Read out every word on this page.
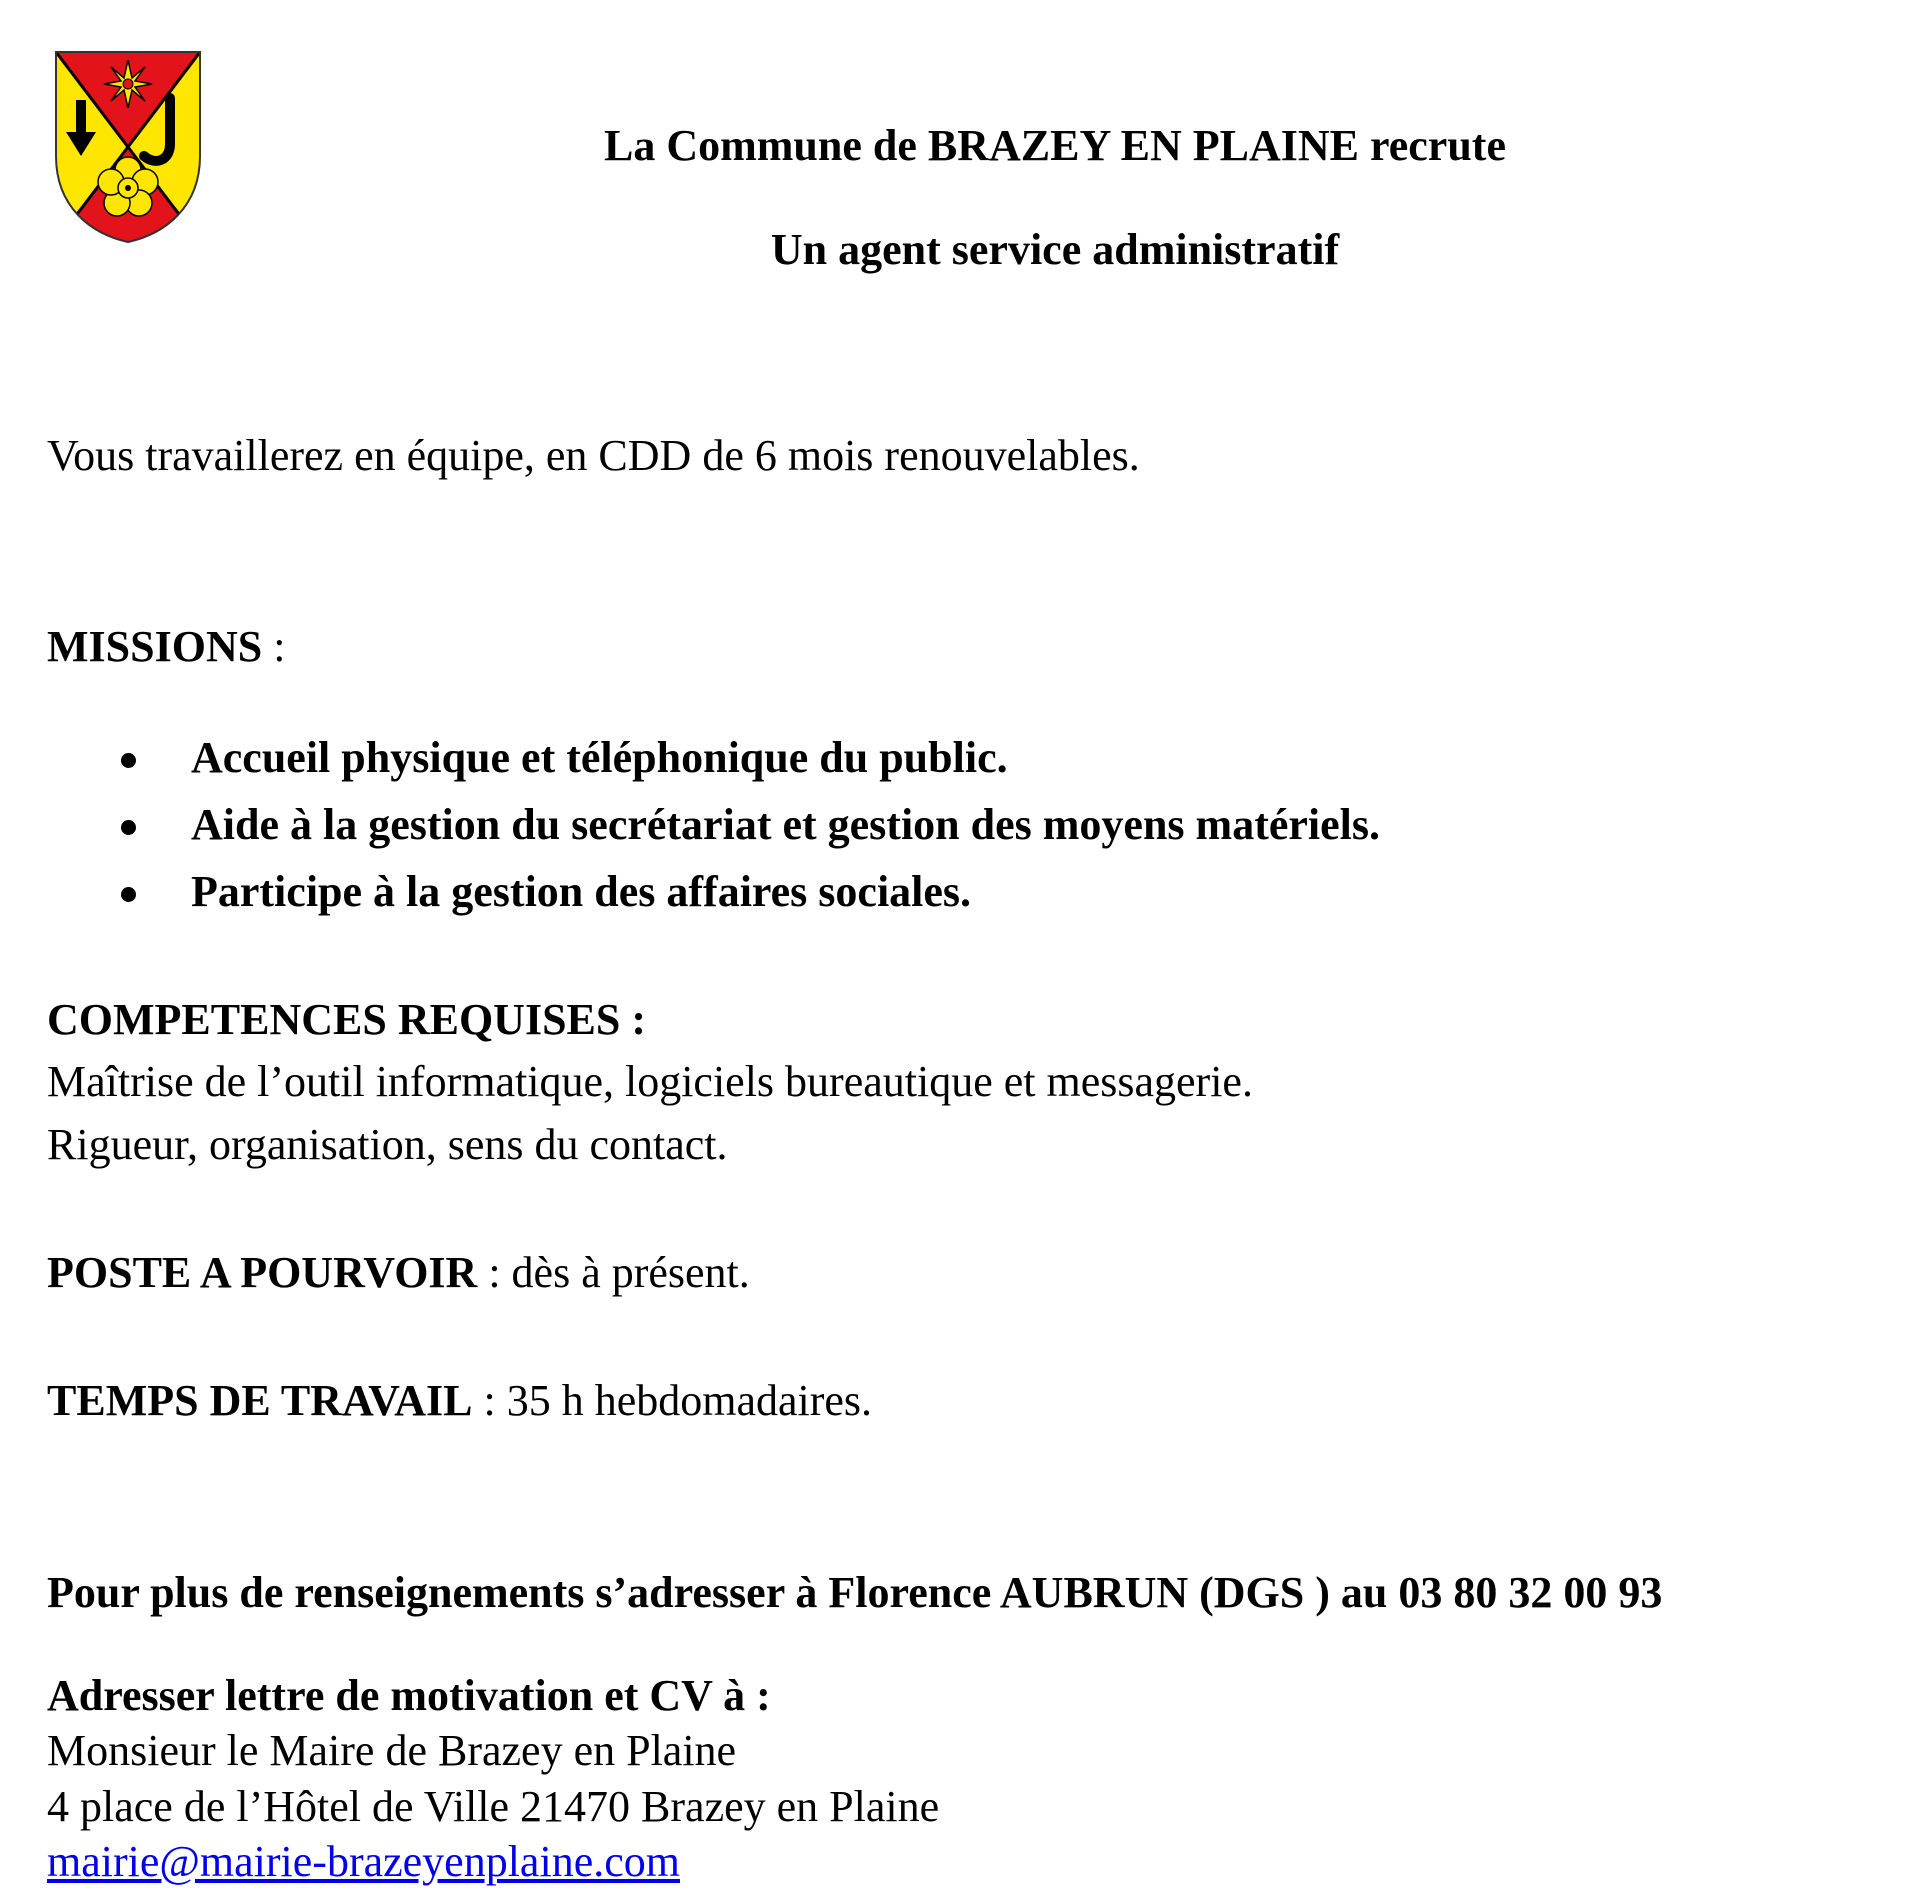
La Commune de BRAZEY EN PLAINE recrute

Un agent service administratif

Vous travaillerez en équipe, en CDD de 6 mois renouvelables.

MISSIONS :

Accueil physique et téléphonique du public.
Aide à la gestion du secrétariat et gestion des moyens matériels.
Participe à la gestion des affaires sociales.

COMPETENCES REQUISES :

Maîtrise de l’outil informatique, logiciels bureautique et messagerie.

Rigueur, organisation, sens du contact.

POSTE A POURVOIR : dès à présent.

TEMPS DE TRAVAIL : 35 h hebdomadaires.

Pour plus de renseignements s’adresser à Florence AUBRUN (DGS ) au 03 80 32 00 93

Adresser lettre de motivation et CV à :

Monsieur le Maire de Brazey en Plaine

4 place de l’Hôtel de Ville 21470 Brazey en Plaine

mairie@mairie-brazeyenplaine.com
